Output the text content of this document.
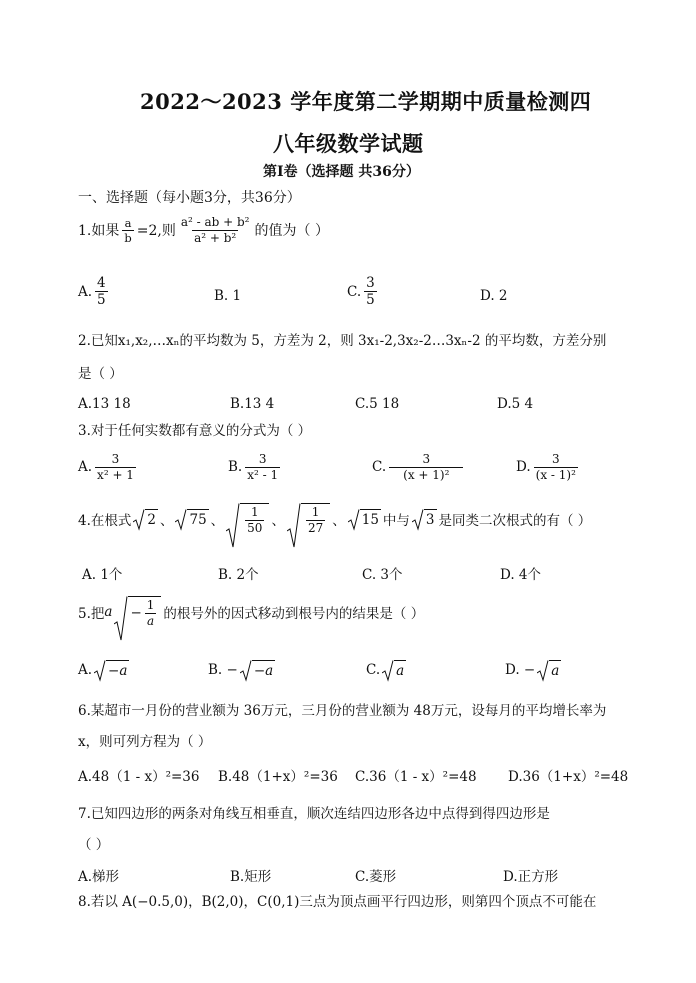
2022～2023 学年度第二学期期中质量检测四
八年级数学试题
第Ⅰ卷（选择题 共36分）
一、选择题（每小题3分，共36分）
1.如果 $\frac{a}{b} =2$,则 $\frac{\text{a² - ab + b²}}{\text{a² + b²}}$ 的值为（ ）
A. $\frac{4}{5}$	B. 1	C. $\frac{3}{5}$	D. 2
2.已知x₁,x₂,…xₙ的平均数为 5，方差为 2，则 3x₁-2,3x₂-2…3xₙ-2 的平均数，方差分别
是（ ）
A.13 18	B.13 4	C.5 18	D.5 4
3.对于任何实数都有意义的分式为（ ）
A. $\frac{3}{\text{x² + 1}}$	B. $\frac{3}{\text{x² - 1}}$	C. $\frac{3}{\text{(x + 1)²}}$	D. $\frac{3}{\text{(x - 1)²}}$
4.在根式	2 、	75 、 $\frac{1}{50}$ 、 $\frac{1}{27}$ 、	15 中与	3 是同类二次根式的有（ ）
A. 1个	B. 2个	C. 3个	D. 4个
5.把 $a - \frac{1}{a}$ 的根号外的因式移动到根号内的结果是（ ）
A.	−a	B. −	−a	C.	a	D. −	a
6.某超市一月份的营业额为 36万元，三月份的营业额为 48万元，设每月的平均增长率为
x，则可列方程为（ ）
A.48（1 - x）²=36 B.48（1+x）²=36 C.36（1 - x）²=48 D.36（1+x）²=48
7.已知四边形的两条对角线互相垂直，顺次连结四边形各边中点得到得四边形是
（ ）
A.梯形	B.矩形	C.菱形	D.正方形
8.若以 A(−0.5,0)，B(2,0)，C(0,1)三点为顶点画平行四边形，则第四个顶点不可能在
